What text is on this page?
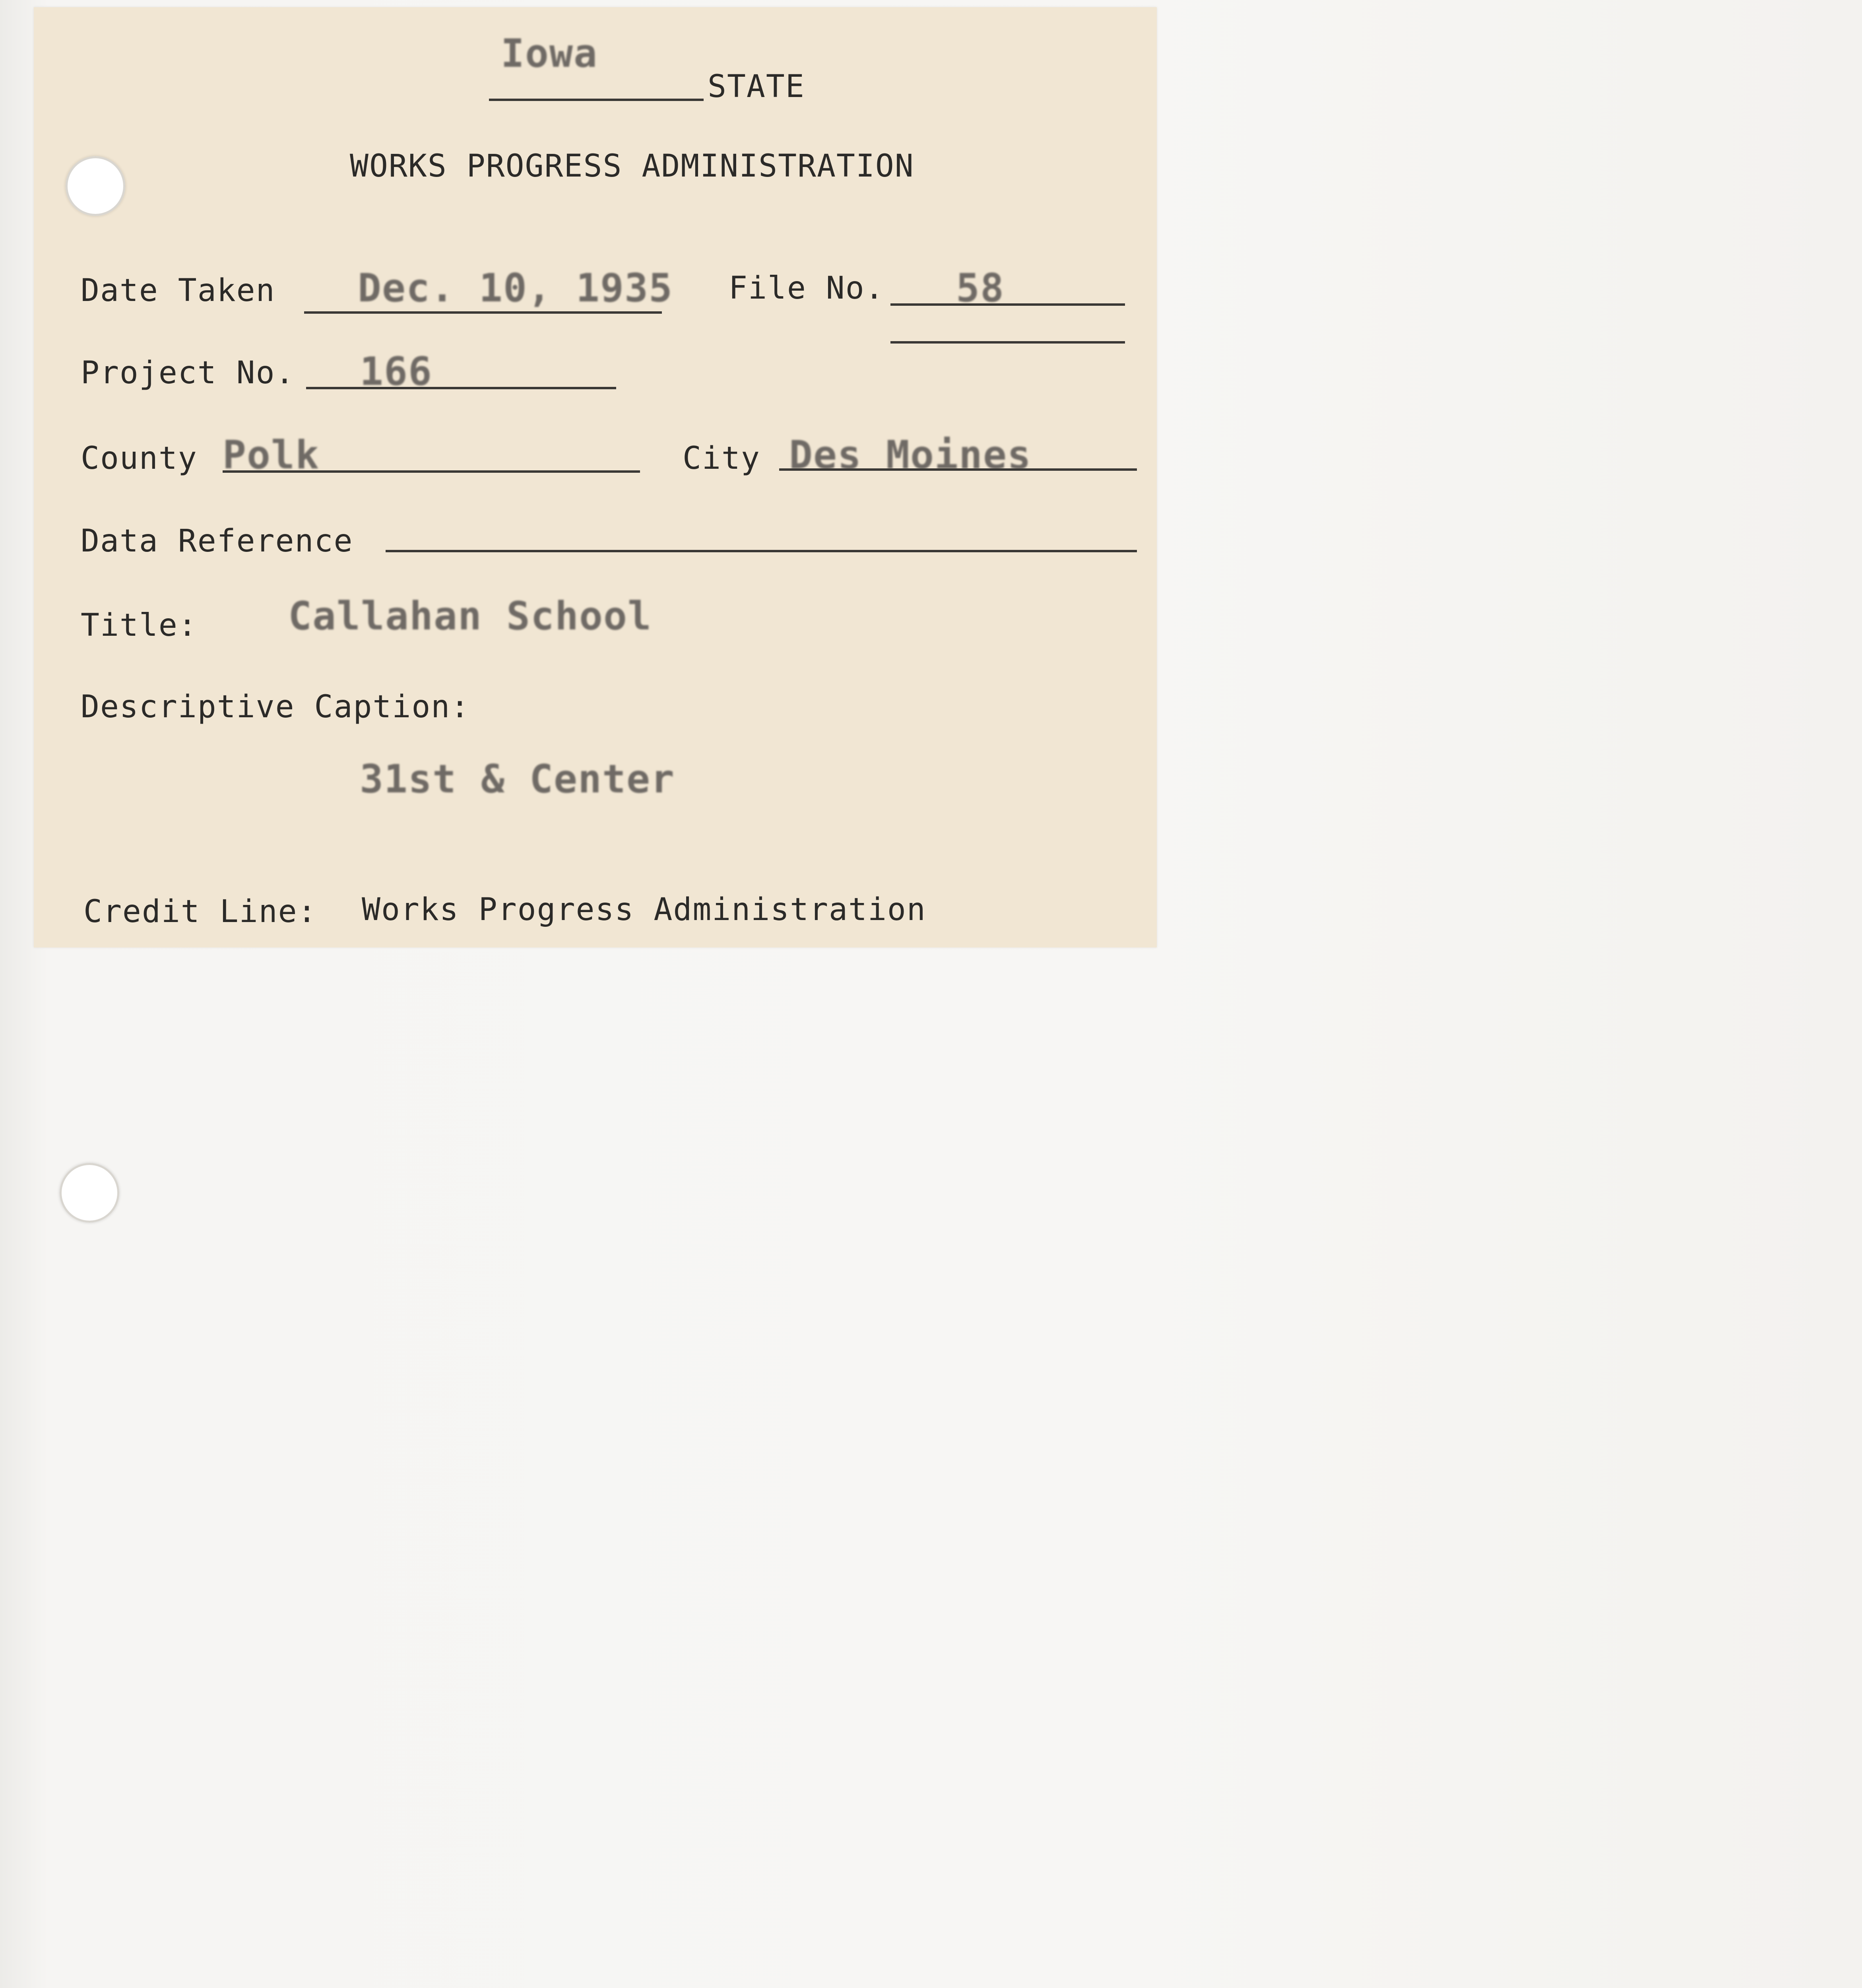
Iowa
STATE
WORKS PROGRESS ADMINISTRATION
Date Taken Dec. 10, 1935 File No. 58
Project No. 166
County Polk	City Des Moines
Data Reference
Title: Callahan School
Descriptive Caption:
31st & Center
Credit Line: Works Progress Administration
